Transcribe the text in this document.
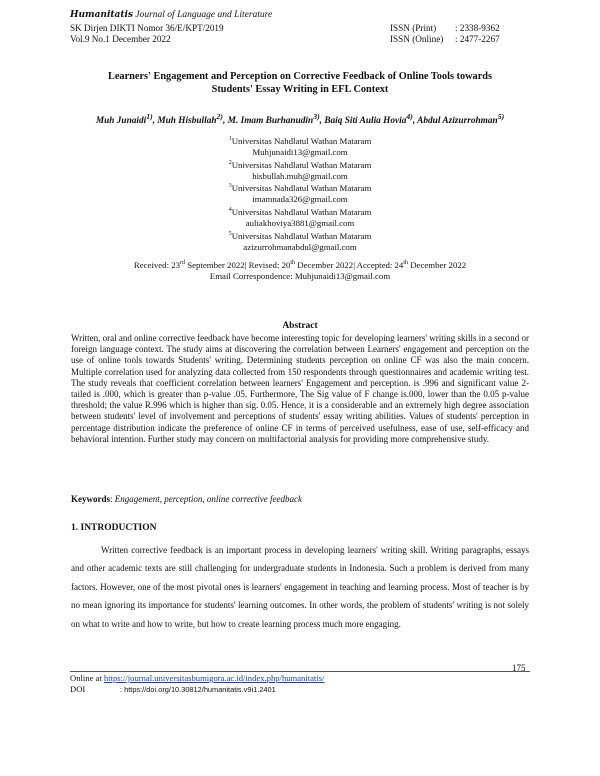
Humanitatis Journal of Language and Literature
SK Dirjen DIKTI Nomor 36/E/KPT/2019
Vol.9 No.1 December 2022
ISSN (Print) : 2338-9362
ISSN (Online) : 2477-2267
Learners' Engagement and Perception on Corrective Feedback of Online Tools towards
Students' Essay Writing in EFL Context
Muh Junaidi$^{1)}$, Muh Hisbullah$^{2)}$, M. Imam Burhanudin$^{3)}$, Baiq Siti Aulia Hovia$^{4)}$, Abdul Azizurrohman$^{5)}$
$^1$Universitas Nahdlatul Wathan Mataram
Muhjunaidi13@gmail.com
$^2$Universitas Nahdlatul Wathan Mataram
hisbullah.muh@gmail.com
$^3$Universitas Nahdlatul Wathan Mataram
imamnada326@gmail.com
$^4$Universitas Nahdlatul Wathan Mataram
auliakhoviya3881@gmail.com
$^5$Universitas Nahdlatul Wathan Mataram
azizurrohmanabdul@gmail.com
Received: 23rd September 2022| Revised: 20th December 2022| Accepted: 24th December 2022
Email Correspondence: Muhjunaidi13@gmail.com
Abstract
Written, oral and online corrective feedback have become interesting topic for developing learners' writing skills in a second or foreign language context. The study aims at discovering the correlation between Learners' engagement and perception on the use of online tools towards Students' writing. Determining students perception on online CF was also the main concern. Multiple correlation used for analyzing data collected from 150 respondents through questionnaires and academic writing test. The study reveals that coefficient correlation between learners' Engagement and perception. is .996 and significant value 2-tailed is .000, which is greater than p-value .05. Furthermore, The Sig value of F change is.000, lower than the 0.05 p-value threshold; the value R.996 which is higher than sig. 0.05. Hence, it is a considerable and an extremely high degree association between students' level of involvement and perceptions of students' essay writing abilities. Values of students' perception in percentage distribution indicate the preference of online CF in terms of perceived usefulness, ease of use, self-efficacy and behavioral intention. Further study may concern on multifactorial analysis for providing more comprehensive study.
Keywords: Engagement, perception, online corrective feedback
1. INTRODUCTION
Written corrective feedback is an important process in developing learners' writing skill. Writing paragraphs, essays and other academic texts are still challenging for undergraduate students in Indonesia. Such a problem is derived from many factors. However, one of the most pivotal ones is learners' engagement in teaching and learning process. Most of teacher is by no mean ignoring its importance for students' learning outcomes. In other words, the problem of students' writing is not solely on what to write and how to write, but how to create learning process much more engaging.
175
Online at https://journal.universitasbumigora.ac.id/index.php/humanitatis/
DOI	: https://doi.org/10.30812/humanitatis.v9i1.2401
